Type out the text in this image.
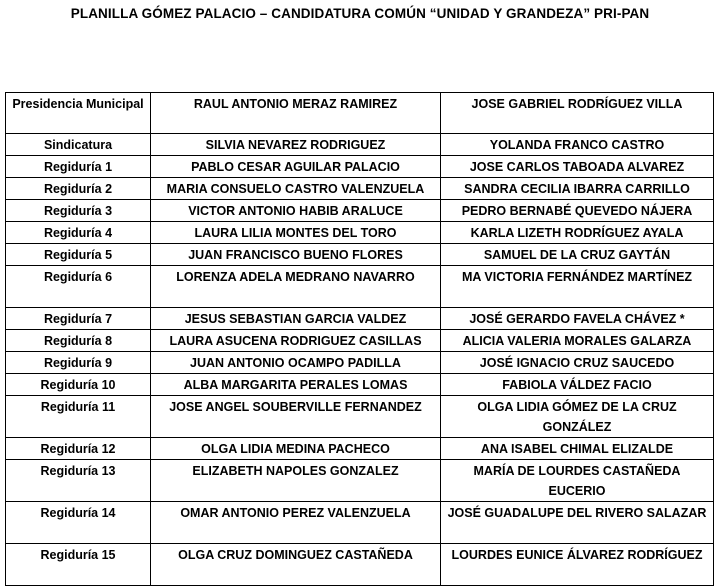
PLANILLA GÓMEZ PALACIO – CANDIDATURA COMÚN “UNIDAD Y GRANDEZA” PRI-PAN
Presidencia Municipal	RAUL ANTONIO MERAZ RAMIREZ	JOSE GABRIEL RODRÍGUEZ VILLA
Sindicatura	SILVIA NEVAREZ RODRIGUEZ	YOLANDA FRANCO CASTRO
Regiduría 1	PABLO CESAR AGUILAR PALACIO	JOSE CARLOS TABOADA ALVAREZ
Regiduría 2	MARIA CONSUELO CASTRO VALENZUELA	SANDRA CECILIA IBARRA CARRILLO
Regiduría 3	VICTOR ANTONIO HABIB ARALUCE	PEDRO BERNABÉ QUEVEDO NÁJERA
Regiduría 4	LAURA LILIA MONTES DEL TORO	KARLA LIZETH RODRÍGUEZ AYALA
Regiduría 5	JUAN FRANCISCO BUENO FLORES	SAMUEL DE LA CRUZ GAYTÁN
Regiduría 6	LORENZA ADELA MEDRANO NAVARRO	MA VICTORIA FERNÁNDEZ MARTÍNEZ
Regiduría 7	JESUS SEBASTIAN GARCIA VALDEZ	JOSÉ GERARDO FAVELA CHÁVEZ *
Regiduría 8	LAURA ASUCENA RODRIGUEZ CASILLAS	ALICIA VALERIA MORALES GALARZA
Regiduría 9	JUAN ANTONIO OCAMPO PADILLA	JOSÉ IGNACIO CRUZ SAUCEDO
Regiduría 10	ALBA MARGARITA PERALES LOMAS	FABIOLA VÁLDEZ FACIO
Regiduría 11	JOSE ANGEL SOUBERVILLE FERNANDEZ	OLGA LIDIA GÓMEZ DE LA CRUZ GONZÁLEZ
Regiduría 12	OLGA LIDIA MEDINA PACHECO	ANA ISABEL CHIMAL ELIZALDE
Regiduría 13	ELIZABETH NAPOLES GONZALEZ	MARÍA DE LOURDES CASTAÑEDA EUCERIO
Regiduría 14	OMAR ANTONIO PEREZ VALENZUELA	JOSÉ GUADALUPE DEL RIVERO SALAZAR
Regiduría 15	OLGA CRUZ DOMINGUEZ CASTAÑEDA	LOURDES EUNICE ÁLVAREZ RODRÍGUEZ
